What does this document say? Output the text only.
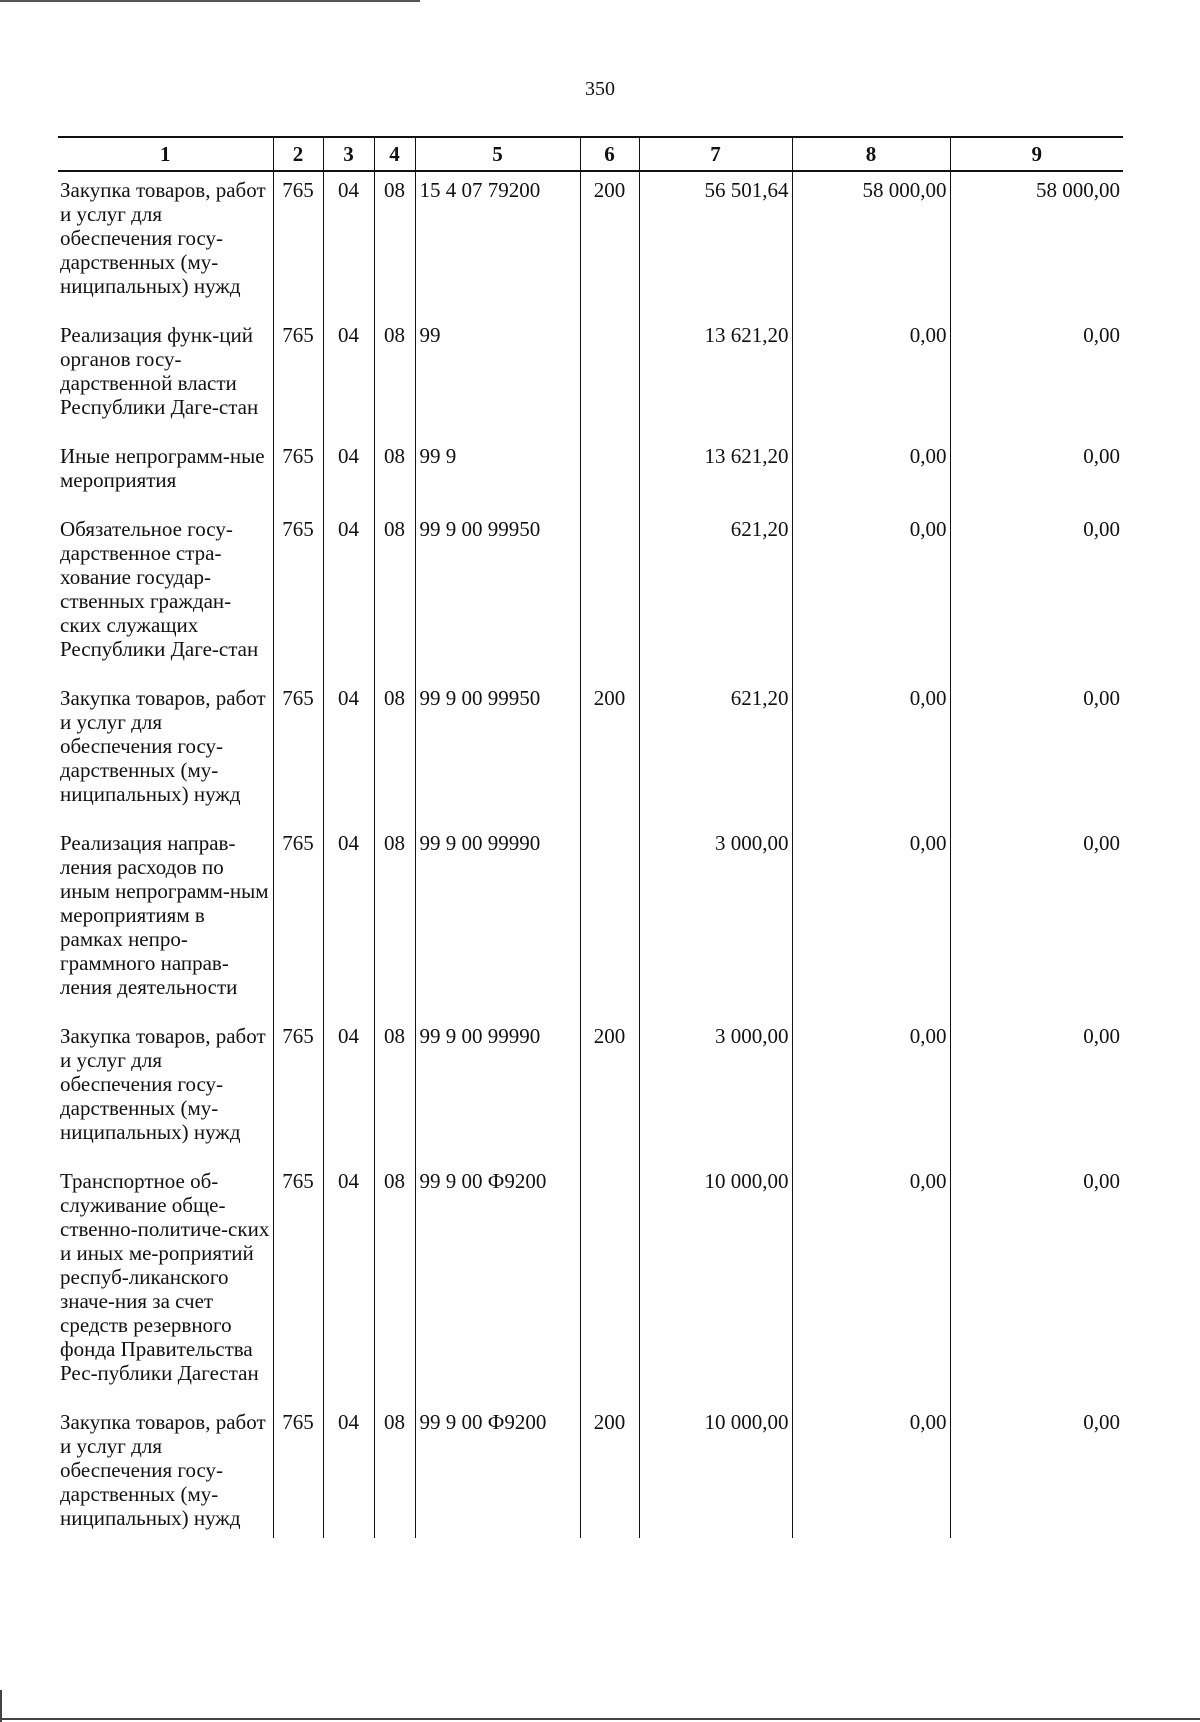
350
1	2	3	4	5	6	7	8	9
Закупка товаров, работ и услуг для обеспечения госу-дарственных (му-ниципальных) нужд	765	04	08	15 4 07 79200	200	56 501,64	58 000,00	58 000,00
Реализация функ-ций органов госу-дарственной власти Республики Даге-стан	765	04	08	99		13 621,20	0,00	0,00
Иные непрограмм-ные мероприятия	765	04	08	99 9		13 621,20	0,00	0,00
Обязательное госу-дарственное стра-хование государ-ственных граждан-ских служащих Республики Даге-стан	765	04	08	99 9 00 99950		621,20	0,00	0,00
Закупка товаров, работ и услуг для обеспечения госу-дарственных (му-ниципальных) нужд	765	04	08	99 9 00 99950	200	621,20	0,00	0,00
Реализация направ-ления расходов по иным непрограмм-ным мероприятиям в рамках непро-граммного направ-ления деятельности	765	04	08	99 9 00 99990		3 000,00	0,00	0,00
Закупка товаров, работ и услуг для обеспечения госу-дарственных (му-ниципальных) нужд	765	04	08	99 9 00 99990	200	3 000,00	0,00	0,00
Транспортное об-служивание обще-ственно-политиче-ских и иных ме-роприятий респуб-ликанского значе-ния за счет средств резервного фонда Правительства Рес-публики Дагестан	765	04	08	99 9 00 Ф9200		10 000,00	0,00	0,00
Закупка товаров, работ и услуг для обеспечения госу-дарственных (му-ниципальных) нужд	765	04	08	99 9 00 Ф9200	200	10 000,00	0,00	0,00
